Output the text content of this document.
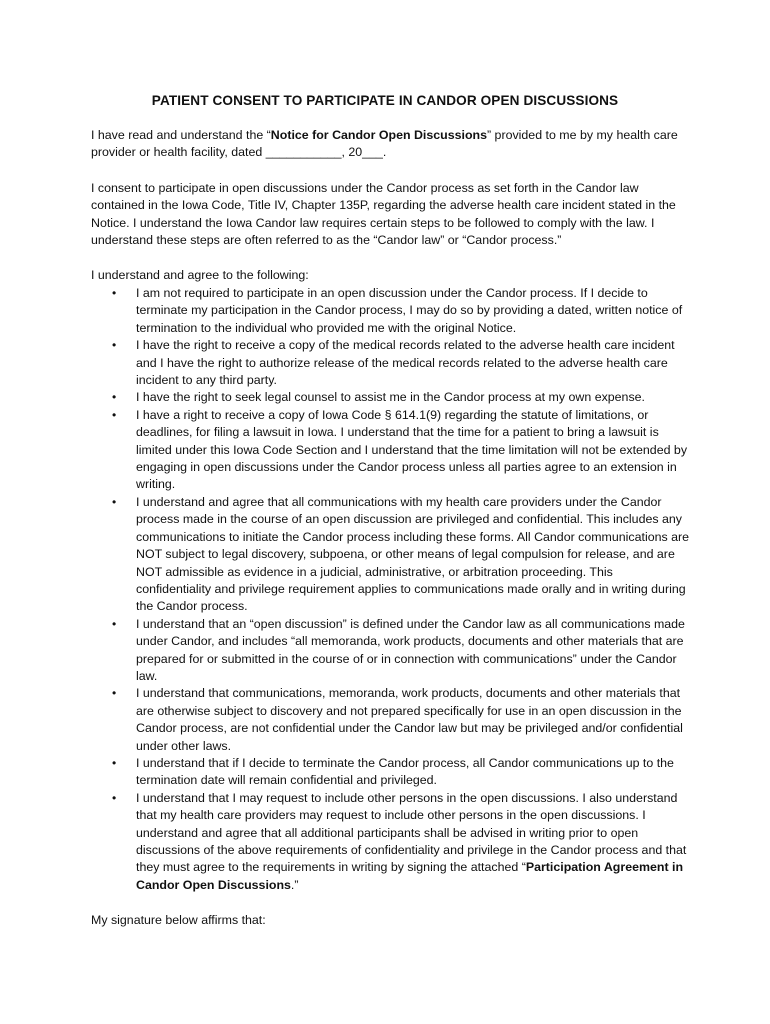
PATIENT CONSENT TO PARTICIPATE IN CANDOR OPEN DISCUSSIONS

I have read and understand the “Notice for Candor Open Discussions” provided to me by my health care provider or health facility, dated ___________, 20___.

I consent to participate in open discussions under the Candor process as set forth in the Candor law contained in the Iowa Code, Title IV, Chapter 135P, regarding the adverse health care incident stated in the Notice. I understand the Iowa Candor law requires certain steps to be followed to comply with the law. I understand these steps are often referred to as the “Candor law” or “Candor process.”

I understand and agree to the following:

• I am not required to participate in an open discussion under the Candor process. If I decide to terminate my participation in the Candor process, I may do so by providing a dated, written notice of termination to the individual who provided me with the original Notice.
• I have the right to receive a copy of the medical records related to the adverse health care incident and I have the right to authorize release of the medical records related to the adverse health care incident to any third party.
• I have the right to seek legal counsel to assist me in the Candor process at my own expense.
• I have a right to receive a copy of Iowa Code § 614.1(9) regarding the statute of limitations, or deadlines, for filing a lawsuit in Iowa. I understand that the time for a patient to bring a lawsuit is limited under this Iowa Code Section and I understand that the time limitation will not be extended by engaging in open discussions under the Candor process unless all parties agree to an extension in writing.
• I understand and agree that all communications with my health care providers under the Candor process made in the course of an open discussion are privileged and confidential. This includes any communications to initiate the Candor process including these forms. All Candor communications are NOT subject to legal discovery, subpoena, or other means of legal compulsion for release, and are NOT admissible as evidence in a judicial, administrative, or arbitration proceeding. This confidentiality and privilege requirement applies to communications made orally and in writing during the Candor process.
• I understand that an “open discussion” is defined under the Candor law as all communications made under Candor, and includes “all memoranda, work products, documents and other materials that are prepared for or submitted in the course of or in connection with communications” under the Candor law.
• I understand that communications, memoranda, work products, documents and other materials that are otherwise subject to discovery and not prepared specifically for use in an open discussion in the Candor process, are not confidential under the Candor law but may be privileged and/or confidential under other laws.
• I understand that if I decide to terminate the Candor process, all Candor communications up to the termination date will remain confidential and privileged.
• I understand that I may request to include other persons in the open discussions. I also understand that my health care providers may request to include other persons in the open discussions. I understand and agree that all additional participants shall be advised in writing prior to open discussions of the above requirements of confidentiality and privilege in the Candor process and that they must agree to the requirements in writing by signing the attached “Participation Agreement in Candor Open Discussions.”

My signature below affirms that:
